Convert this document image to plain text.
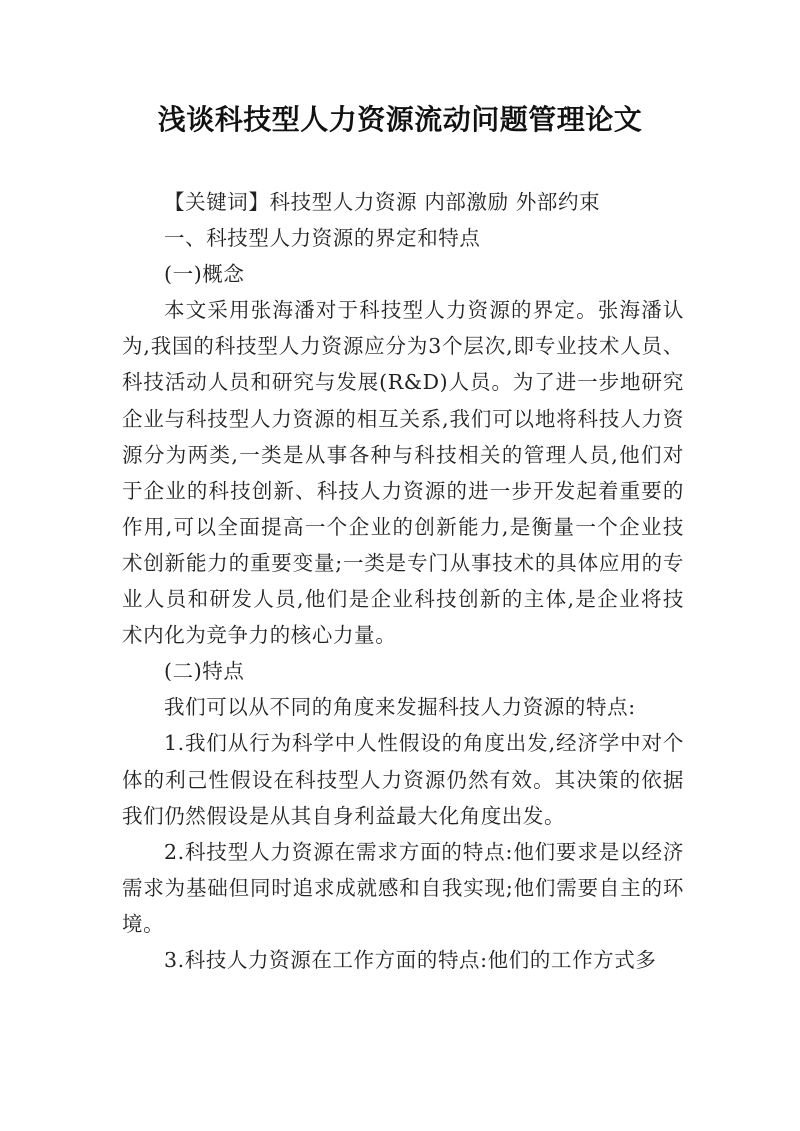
浅谈科技型人力资源流动问题管理论文

【关键词】科技型人力资源 内部激励 外部约束

一、科技型人力资源的界定和特点

(一)概念

本文采用张海潘对于科技型人力资源的界定。张海潘认为,我国的科技型人力资源应分为3个层次,即专业技术人员、科技活动人员和研究与发展(R&D)人员。为了进一步地研究企业与科技型人力资源的相互关系,我们可以地将科技人力资源分为两类,一类是从事各种与科技相关的管理人员,他们对于企业的科技创新、科技人力资源的进一步开发起着重要的作用,可以全面提高一个企业的创新能力,是衡量一个企业技术创新能力的重要变量;一类是专门从事技术的具体应用的专业人员和研发人员,他们是企业科技创新的主体,是企业将技术内化为竞争力的核心力量。

(二)特点

我们可以从不同的角度来发掘科技人力资源的特点:

1.我们从行为科学中人性假设的角度出发,经济学中对个体的利己性假设在科技型人力资源仍然有效。其决策的依据我们仍然假设是从其自身利益最大化角度出发。

2.科技型人力资源在需求方面的特点:他们要求是以经济需求为基础但同时追求成就感和自我实现;他们需要自主的环境。

3.科技人力资源在工作方面的特点:他们的工作方式多
